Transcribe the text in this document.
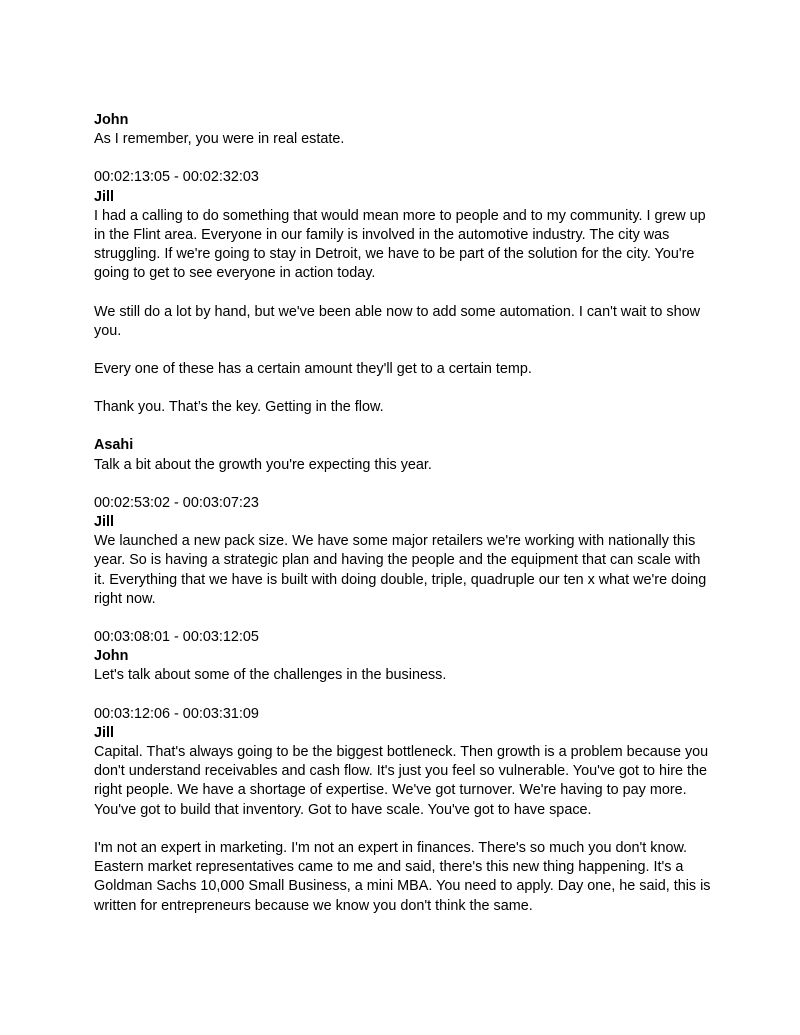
John

As I remember, you were in real estate.

00:02:13:05 - 00:02:32:03
Jill

I had a calling to do something that would mean more to people and to my community. I grew up in the Flint area. Everyone in our family is involved in the automotive industry. The city was struggling. If we're going to stay in Detroit, we have to be part of the solution for the city. You're going to get to see everyone in action today.

We still do a lot by hand, but we've been able now to add some automation. I can't wait to show you.

Every one of these has a certain amount they'll get to a certain temp.

Thank you. That’s the key. Getting in the flow.

Asahi

Talk a bit about the growth you're expecting this year.

00:02:53:02 - 00:03:07:23
Jill

We launched a new pack size. We have some major retailers we're working with nationally this year. So is having a strategic plan and having the people and the equipment that can scale with it. Everything that we have is built with doing double, triple, quadruple our ten x what we're doing right now.

00:03:08:01 - 00:03:12:05
John

Let's talk about some of the challenges in the business.

00:03:12:06 - 00:03:31:09
Jill

Capital. That's always going to be the biggest bottleneck. Then growth is a problem because you don't understand receivables and cash flow. It's just you feel so vulnerable. You've got to hire the right people. We have a shortage of expertise. We've got turnover. We're having to pay more. You've got to build that inventory. Got to have scale. You've got to have space.

I'm not an expert in marketing. I'm not an expert in finances. There's so much you don't know. Eastern market representatives came to me and said, there's this new thing happening. It's a Goldman Sachs 10,000 Small Business, a mini MBA. You need to apply. Day one, he said, this is written for entrepreneurs because we know you don't think the same.
